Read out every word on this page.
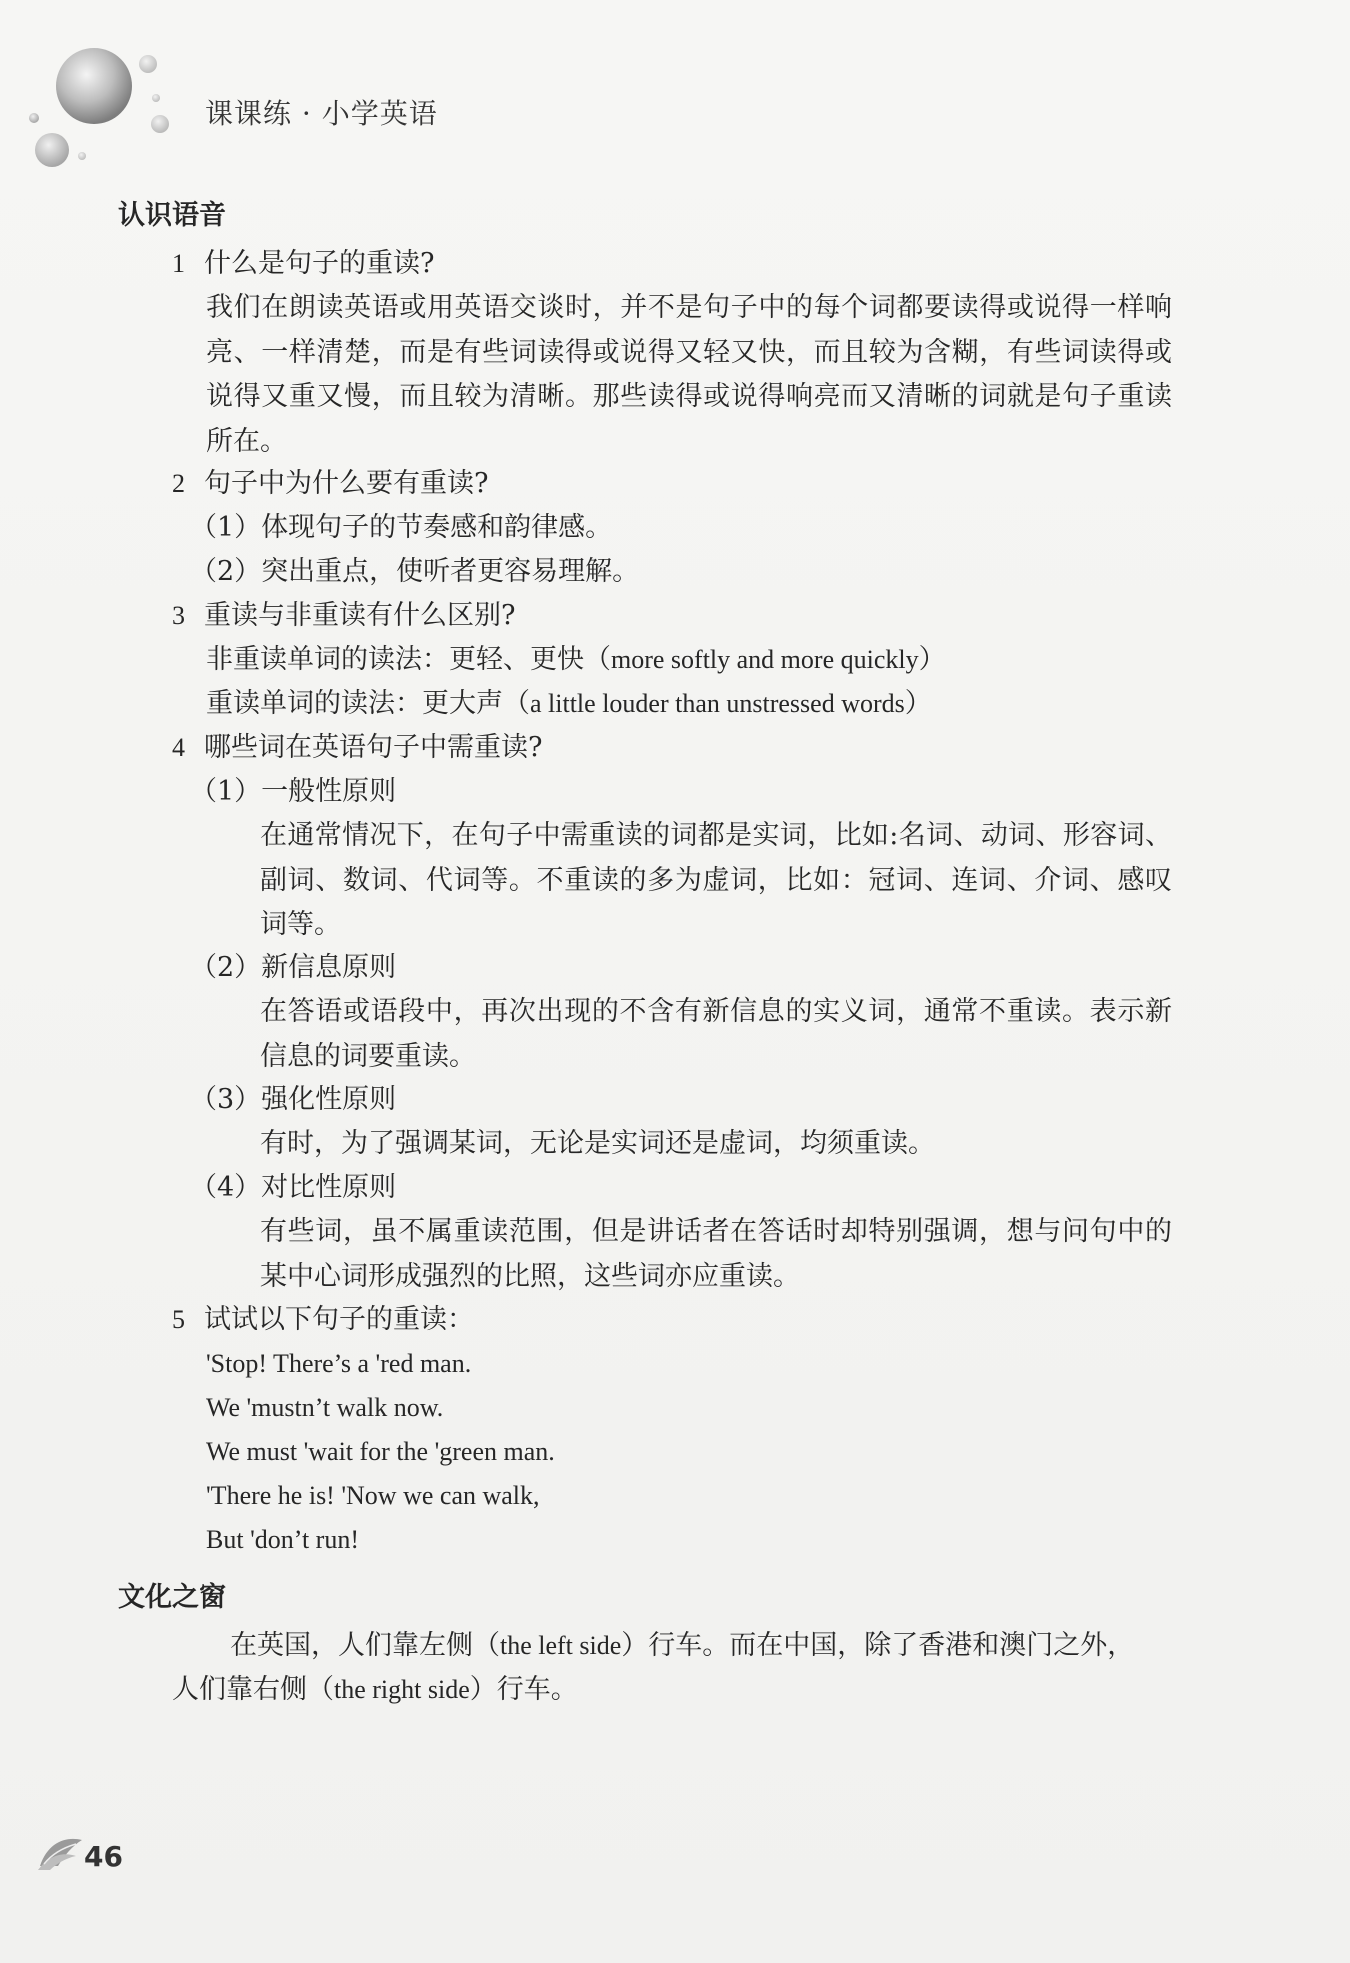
课课练 · 小学英语
认识语音
1 什么是句子的重读?
我们在朗读英语或用英语交谈时，并不是句子中的每个词都要读得或说得一样响亮、一样清楚，而是有些词读得或说得又轻又快，而且较为含糊，有些词读得或说得又重又慢，而且较为清晰。那些读得或说得响亮而又清晰的词就是句子重读所在。
2 句子中为什么要有重读?
（1）体现句子的节奏感和韵律感。
（2）突出重点，使听者更容易理解。
3 重读与非重读有什么区别?
非重读单词的读法：更轻、更快（more softly and more quickly）
重读单词的读法：更大声（a little louder than unstressed words）
4 哪些词在英语句子中需重读?
（1）一般性原则
在通常情况下，在句子中需重读的词都是实词，比如:名词、动词、形容词、副词、数词、代词等。不重读的多为虚词，比如：冠词、连词、介词、感叹词等。
（2）新信息原则
在答语或语段中，再次出现的不含有新信息的实义词，通常不重读。表示新信息的词要重读。
（3）强化性原则
有时，为了强调某词，无论是实词还是虚词，均须重读。
（4）对比性原则
有些词，虽不属重读范围，但是讲话者在答话时却特别强调，想与问句中的某中心词形成强烈的比照，这些词亦应重读。
5 试试以下句子的重读：
'Stop! There’s a 'red man.
We 'mustn’t walk now.
We must 'wait for the 'green man.
'There he is! 'Now we can walk,
But 'don’t run!
文化之窗
在英国，人们靠左侧（the left side）行车。而在中国，除了香港和澳门之外，
人们靠右侧（the right side）行车。
46
